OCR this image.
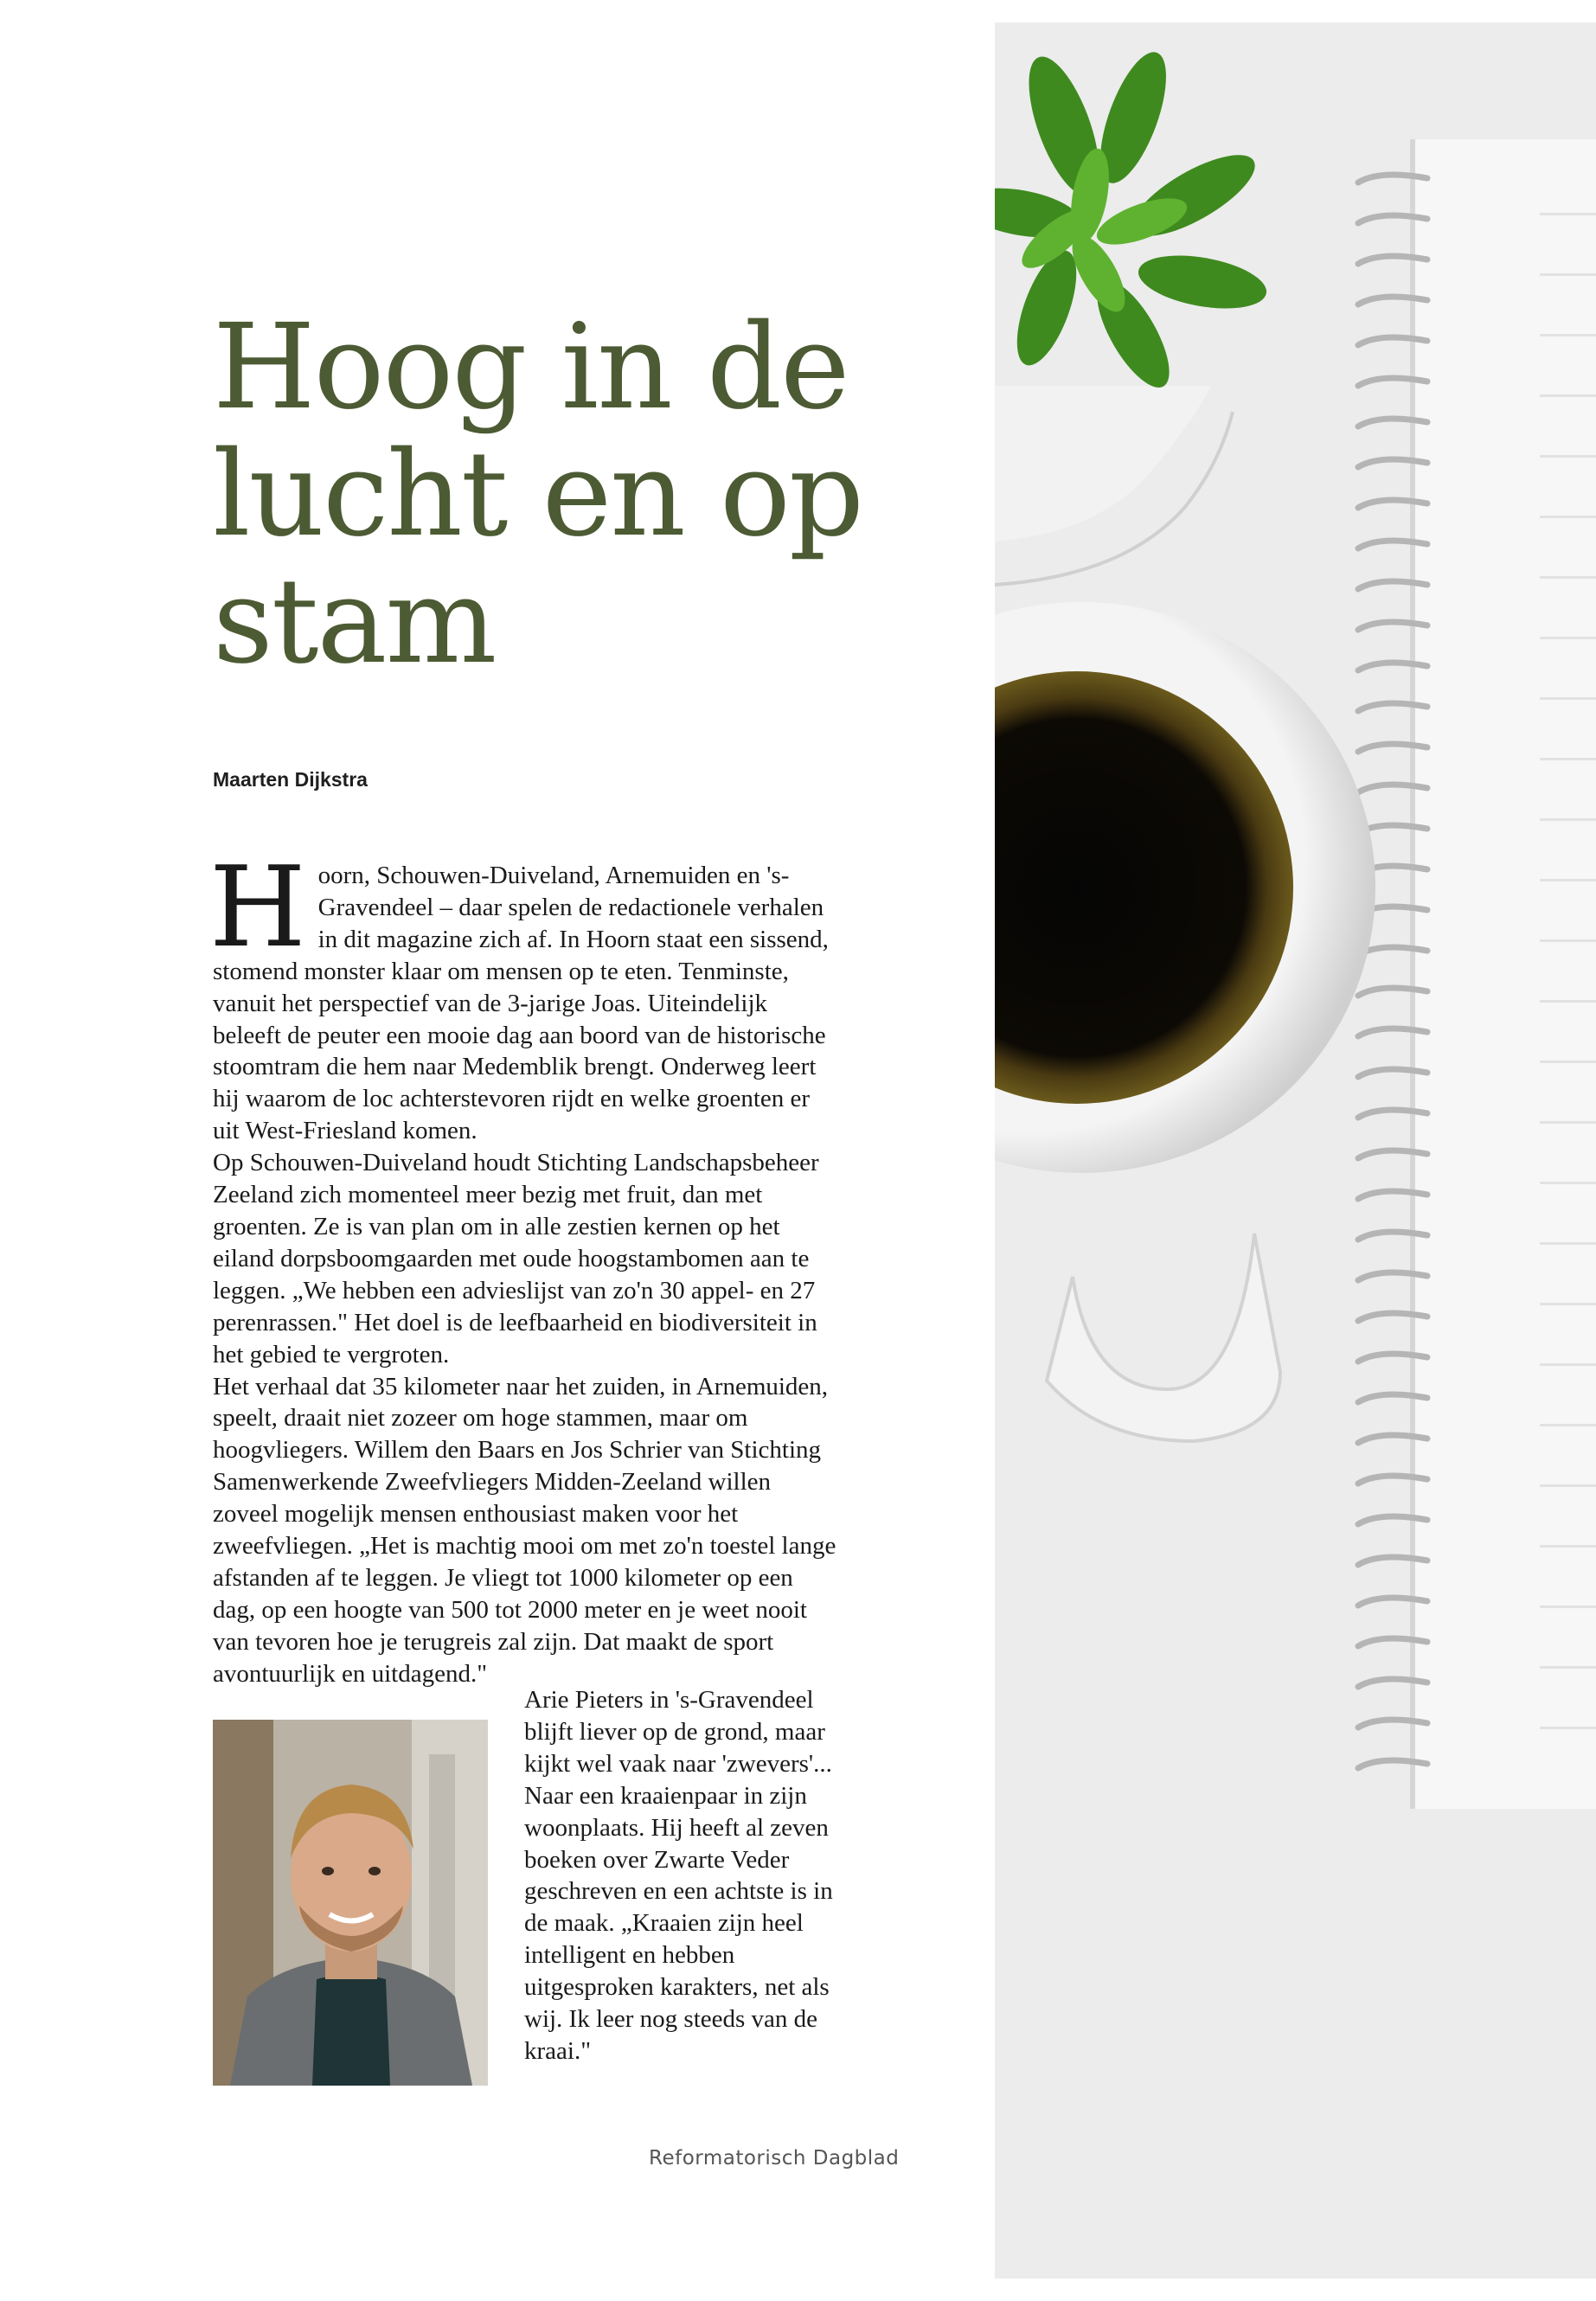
Hoog in de lucht en op stam
Maarten Dijkstra

Hoorn, Schouwen-Duiveland, Arnemuiden en 's-Gravendeel – daar spelen de redactionele verhalen in dit magazine zich af. In Hoorn staat een sissend, stomend monster klaar om mensen op te eten. Tenminste, vanuit het perspectief van de 3-jarige Joas. Uiteindelijk beleeft de peuter een mooie dag aan boord van de historische stoomtram die hem naar Medemblik brengt. Onderweg leert hij waarom de loc achterstevoren rijdt en welke groenten er uit West-Friesland komen.

Op Schouwen-Duiveland houdt Stichting Landschapsbeheer Zeeland zich momenteel meer bezig met fruit, dan met groenten. Ze is van plan om in alle zestien kernen op het eiland dorpsboomgaarden met oude hoogstambomen aan te leggen. „We hebben een advieslijst van zo'n 30 appel- en 27 perenrassen." Het doel is de leefbaarheid en biodiversiteit in het gebied te vergroten.

Het verhaal dat 35 kilometer naar het zuiden, in Arnemuiden, speelt, draait niet zozeer om hoge stammen, maar om hoogvliegers. Willem den Baars en Jos Schrier van Stichting Samenwerkende Zweefvliegers Midden-Zeeland willen zoveel mogelijk mensen enthousiast maken voor het zweefvliegen. „Het is machtig mooi om met zo'n toestel lange afstanden af te leggen. Je vliegt tot 1000 kilometer op een dag, op een hoogte van 500 tot 2000 meter en je weet nooit van tevoren hoe je terugreis zal zijn. Dat maakt de sport avontuurlijk en uitdagend."

Arie Pieters in 's-Gravendeel blijft liever op de grond, maar kijkt wel vaak naar 'zwevers'... Naar een kraaienpaar in zijn woonplaats. Hij heeft al zeven boeken over Zwarte Veder geschreven en een achtste is in de maak. „Kraaien zijn heel intelligent en hebben uitgesproken karakters, net als wij. Ik leer nog steeds van de kraai."
Reformatorisch Dagblad
